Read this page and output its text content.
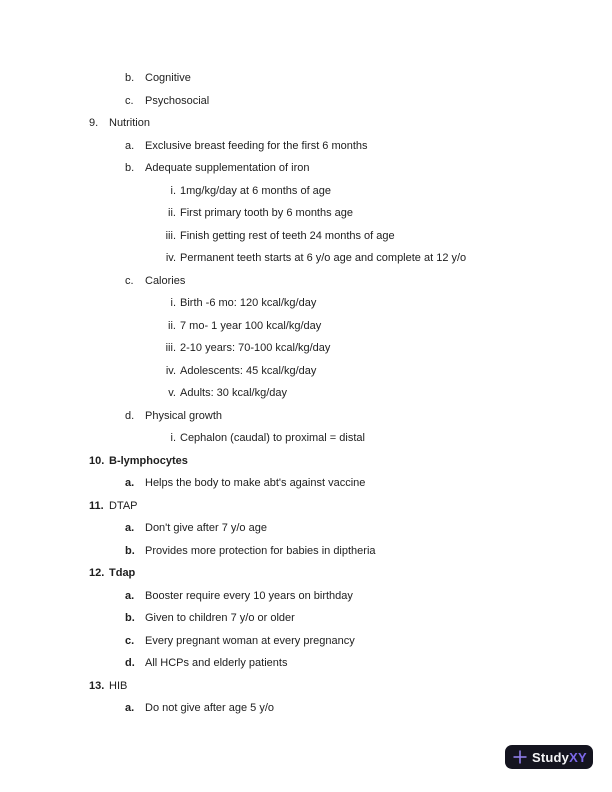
b. Cognitive
c.	Psychosocial
9. Nutrition
a. Exclusive breast feeding for the first 6 months
b. Adequate supplementation of iron
i. 1mg/kg/day at 6 months of age
ii. First primary tooth by 6 months age
iii. Finish getting rest of teeth 24 months of age
iv. Permanent teeth starts at 6 y/o age and complete at 12 y/o
c.	Calories
i. Birth -6 mo: 120 kcal/kg/day
ii. 7 mo- 1 year 100 kcal/kg/day
iii. 2-10 years: 70-100 kcal/kg/day
iv. Adolescents: 45 kcal/kg/day
v. Adults: 30 kcal/kg/day
d. Physical growth
i. Cephalon (caudal) to proximal = distal
10. B-lymphocytes
a. Helps the body to make abt's against vaccine
11. DTAP
a. Don't give after 7 y/o age
b. Provides more protection for babies in diptheria
12. Tdap
a. Booster require every 10 years on birthday
b. Given to children 7 y/o or older
c. Every pregnant woman at every pregnancy
d. All HCPs and elderly patients
13. HIB
a. Do not give after age 5 y/o
StudyXY
